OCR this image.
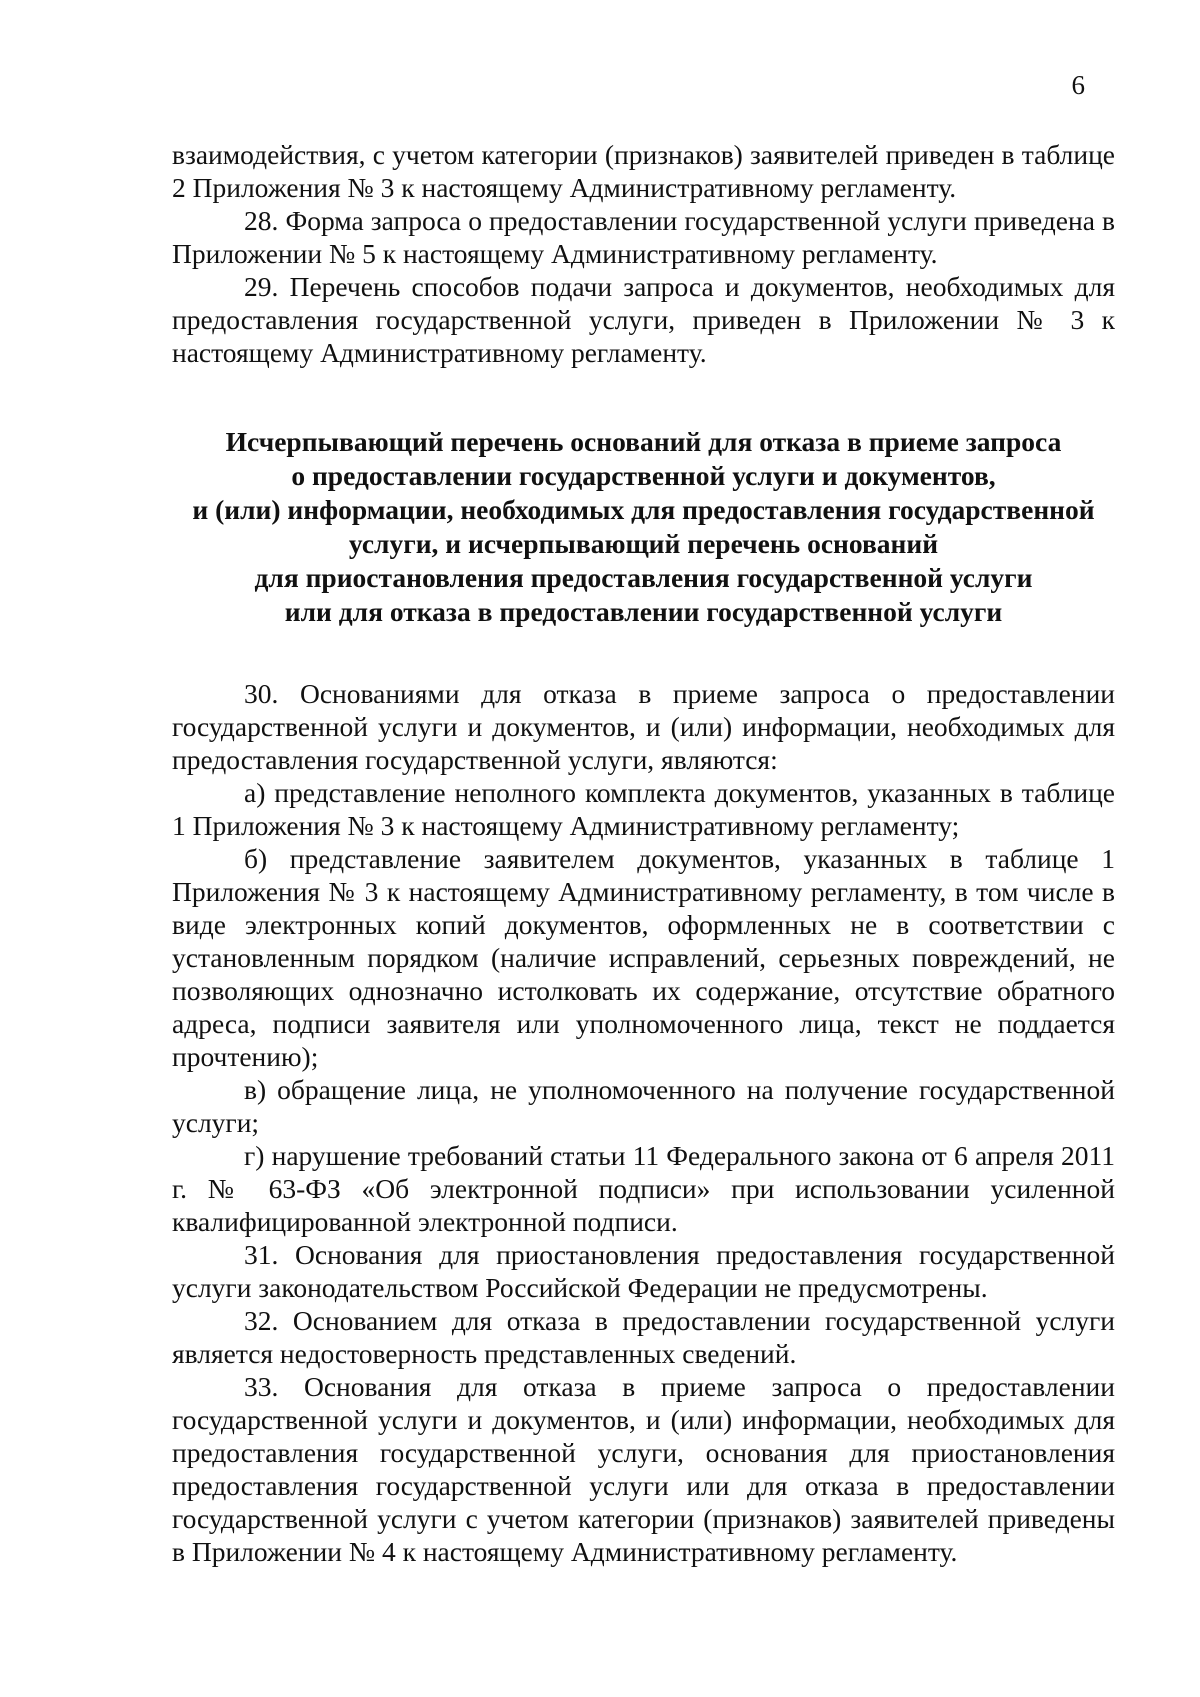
6

взаимодействия, с учетом категории (признаков) заявителей приведен в таблице 2 Приложения № 3 к настоящему Административному регламенту.

28. Форма запроса о предоставлении государственной услуги приведена в Приложении № 5 к настоящему Административному регламенту.

29. Перечень способов подачи запроса и документов, необходимых для предоставления государственной услуги, приведен в Приложении № 3 к настоящему Административному регламенту.

Исчерпывающий перечень оснований для отказа в приеме запроса
о предоставлении государственной услуги и документов,
и (или) информации, необходимых для предоставления государственной
услуги, и исчерпывающий перечень оснований
для приостановления предоставления государственной услуги
или для отказа в предоставлении государственной услуги

30. Основаниями для отказа в приеме запроса о предоставлении государственной услуги и документов, и (или) информации, необходимых для предоставления государственной услуги, являются:

а) представление неполного комплекта документов, указанных в таблице 1 Приложения № 3 к настоящему Административному регламенту;

б) представление заявителем документов, указанных в таблице 1 Приложения № 3 к настоящему Административному регламенту, в том числе в виде электронных копий документов, оформленных не в соответствии с установленным порядком (наличие исправлений, серьезных повреждений, не позволяющих однозначно истолковать их содержание, отсутствие обратного адреса, подписи заявителя или уполномоченного лица, текст не поддается прочтению);

в) обращение лица, не уполномоченного на получение государственной услуги;

г) нарушение требований статьи 11 Федерального закона от 6 апреля 2011 г. № 63-ФЗ «Об электронной подписи» при использовании усиленной квалифицированной электронной подписи.

31. Основания для приостановления предоставления государственной услуги законодательством Российской Федерации не предусмотрены.

32. Основанием для отказа в предоставлении государственной услуги является недостоверность представленных сведений.

33. Основания для отказа в приеме запроса о предоставлении государственной услуги и документов, и (или) информации, необходимых для предоставления государственной услуги, основания для приостановления предоставления государственной услуги или для отказа в предоставлении государственной услуги с учетом категории (признаков) заявителей приведены в Приложении № 4 к настоящему Административному регламенту.
